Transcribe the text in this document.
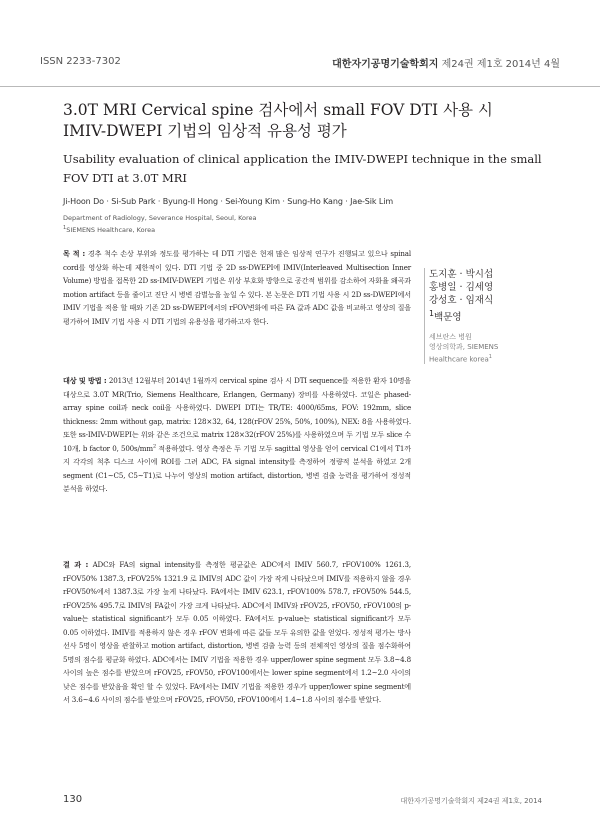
ISSN 2233-7302	대한자기공명기술학회지 제24권 제1호 2014년 4월
3.0T MRI Cervical spine 검사에서 small FOV DTI 사용 시
IMIV-DWEPI 기법의 임상적 유용성 평가
Usability evaluation of clinical application the IMIV-DWEPI technique in the small
FOV DTI at 3.0T MRI
Ji-Hoon Do · Si-Sub Park · Byung-Il Hong · Sei-Young Kim · Sung-Ho Kang · Jae-Sik Lim
Department of Radiology, Severance Hospital, Seoul, Korea
$^1$SIEMENS Healthcare, Korea
목 적 : 경추 척수 손상 부위와 정도를 평가하는 데 DTI 기법은 현재 많은 임상적 연구가 진행되고 있으나 spinal cord를 영상화 하는데 제한적이 있다. DTI 기법 중 2D ss-DWEPI에 IMIV(Interleaved Multisection Inner Volume) 방법을 접목한 2D ss-IMIV-DWEPI 기법은 위상 부호화 방향으로 공간적 범위를 감소하여 자화율 왜곡과 motion artifact 등을 줄이고 진단 시 병변 감별능을 높일 수 있다. 본 논문은 DTI 기법 사용 시 2D ss-DWEPI에서 IMIV 기법을 적용 할 때와 기존 2D ss-DWEPI에서의 rFOV변화에 따른 FA 값과 ADC 값을 비교하고 영상의 질을 평가하여 IMIV 기법 사용 시 DTI 기법의 유용성을 평가하고자 한다.
대상 및 방법 : 2013년 12월부터 2014년 1월까지 cervical spine 검사 시 DTI sequence를 적용한 환자 10명을 대상으로 3.0T MR(Trio, Siemens Healthcare, Erlangen, Germany) 장비를 사용하였다. 코일은 phased-array spine coil과 neck coil을 사용하였다. DWEPI DTI는 TR/TE: 4000/65ms, FOV: 192mm, slice thickness: 2mm without gap, matrix: 128×32, 64, 128(rFOV 25%, 50%, 100%), NEX: 8을 사용하였다. 또한 ss-IMIV-DWEPI는 위와 같은 조건으로 matrix 128×32(rFOV 25%)를 사용하였으며 두 기법 모두 slice 수 10개, b factor 0, $500s/mm^2$ 적용하였다. 영상 측정은 두 기법 모두 sagittal 영상을 얻어 cervical C1에서 T1까지 각각의 척추 디스크 사이에 ROI를 그려 ADC, FA signal intensity를 측정하여 정량적 분석을 하였고 2개 segment (C1~C5, C5~T1)로 나누어 영상의 motion artifact, distortion, 병변 검출 능력을 평가하여 정성적 분석을 하였다.
결 과 : ADC와 FA의 signal intensity를 측정한 평균값은 ADC에서 IMIV 560.7, rFOV100% 1261.3, rFOV50% 1387.3, rFOV25% 1321.9 로 IMIV의 ADC 값이 가장 작게 나타났으며 IMIV를 적용하지 않을 경우 rFOV50%에서 1387.3로 가장 높게 나타났다. FA에서는 IMIV 623.1, rFOV100% 578.7, rFOV50% 544.5, rFOV25% 495.7로 IMIV의 FA값이 가장 크게 나타났다. ADC에서 IMIV와 rFOV25, rFOV50, rFOV100의 p-value는 statistical significant가 모두 0.05 이하였다. FA에서도 p-value는 statistical significant가 모두 0.05 이하였다. IMIV를 적용하지 않은 경우 rFOV 변화에 따른 값들 모두 유의한 값을 얻었다. 정성적 평가는 방사선사 5명이 영상을 관찰하고 motion artifact, distortion, 병변 검출 능력 등의 전체적인 영상의 질을 점수화하여 5명의 점수를 평균화 하였다. ADC에서는 IMIV 기법을 적용한 경우 upper/lower spine segment 모두 3.8~4.8 사이의 높은 점수를 받았으며 rFOV25, rFOV50, rFOV100에서는 lower spine segment에서 1.2~2.0 사이의 낮은 점수를 받았음을 확인 할 수 있었다. FA에서는 IMIV 기법을 적용한 경우가 upper/lower spine segment에서 3.6~4.6 사이의 점수를 받았으며 rFOV25, rFOV50, rFOV100에서 1.4~1.8 사이의 점수를 받았다.
도지훈 · 박시섭
홍병일 · 김세영
강성호 · 임재식
$^1$백문영
세브란스 병원
영상의학과, SIEMENS
Healthcare korea$^1$
130	대한자기공명기술학회지 제24권 제1호, 2014
